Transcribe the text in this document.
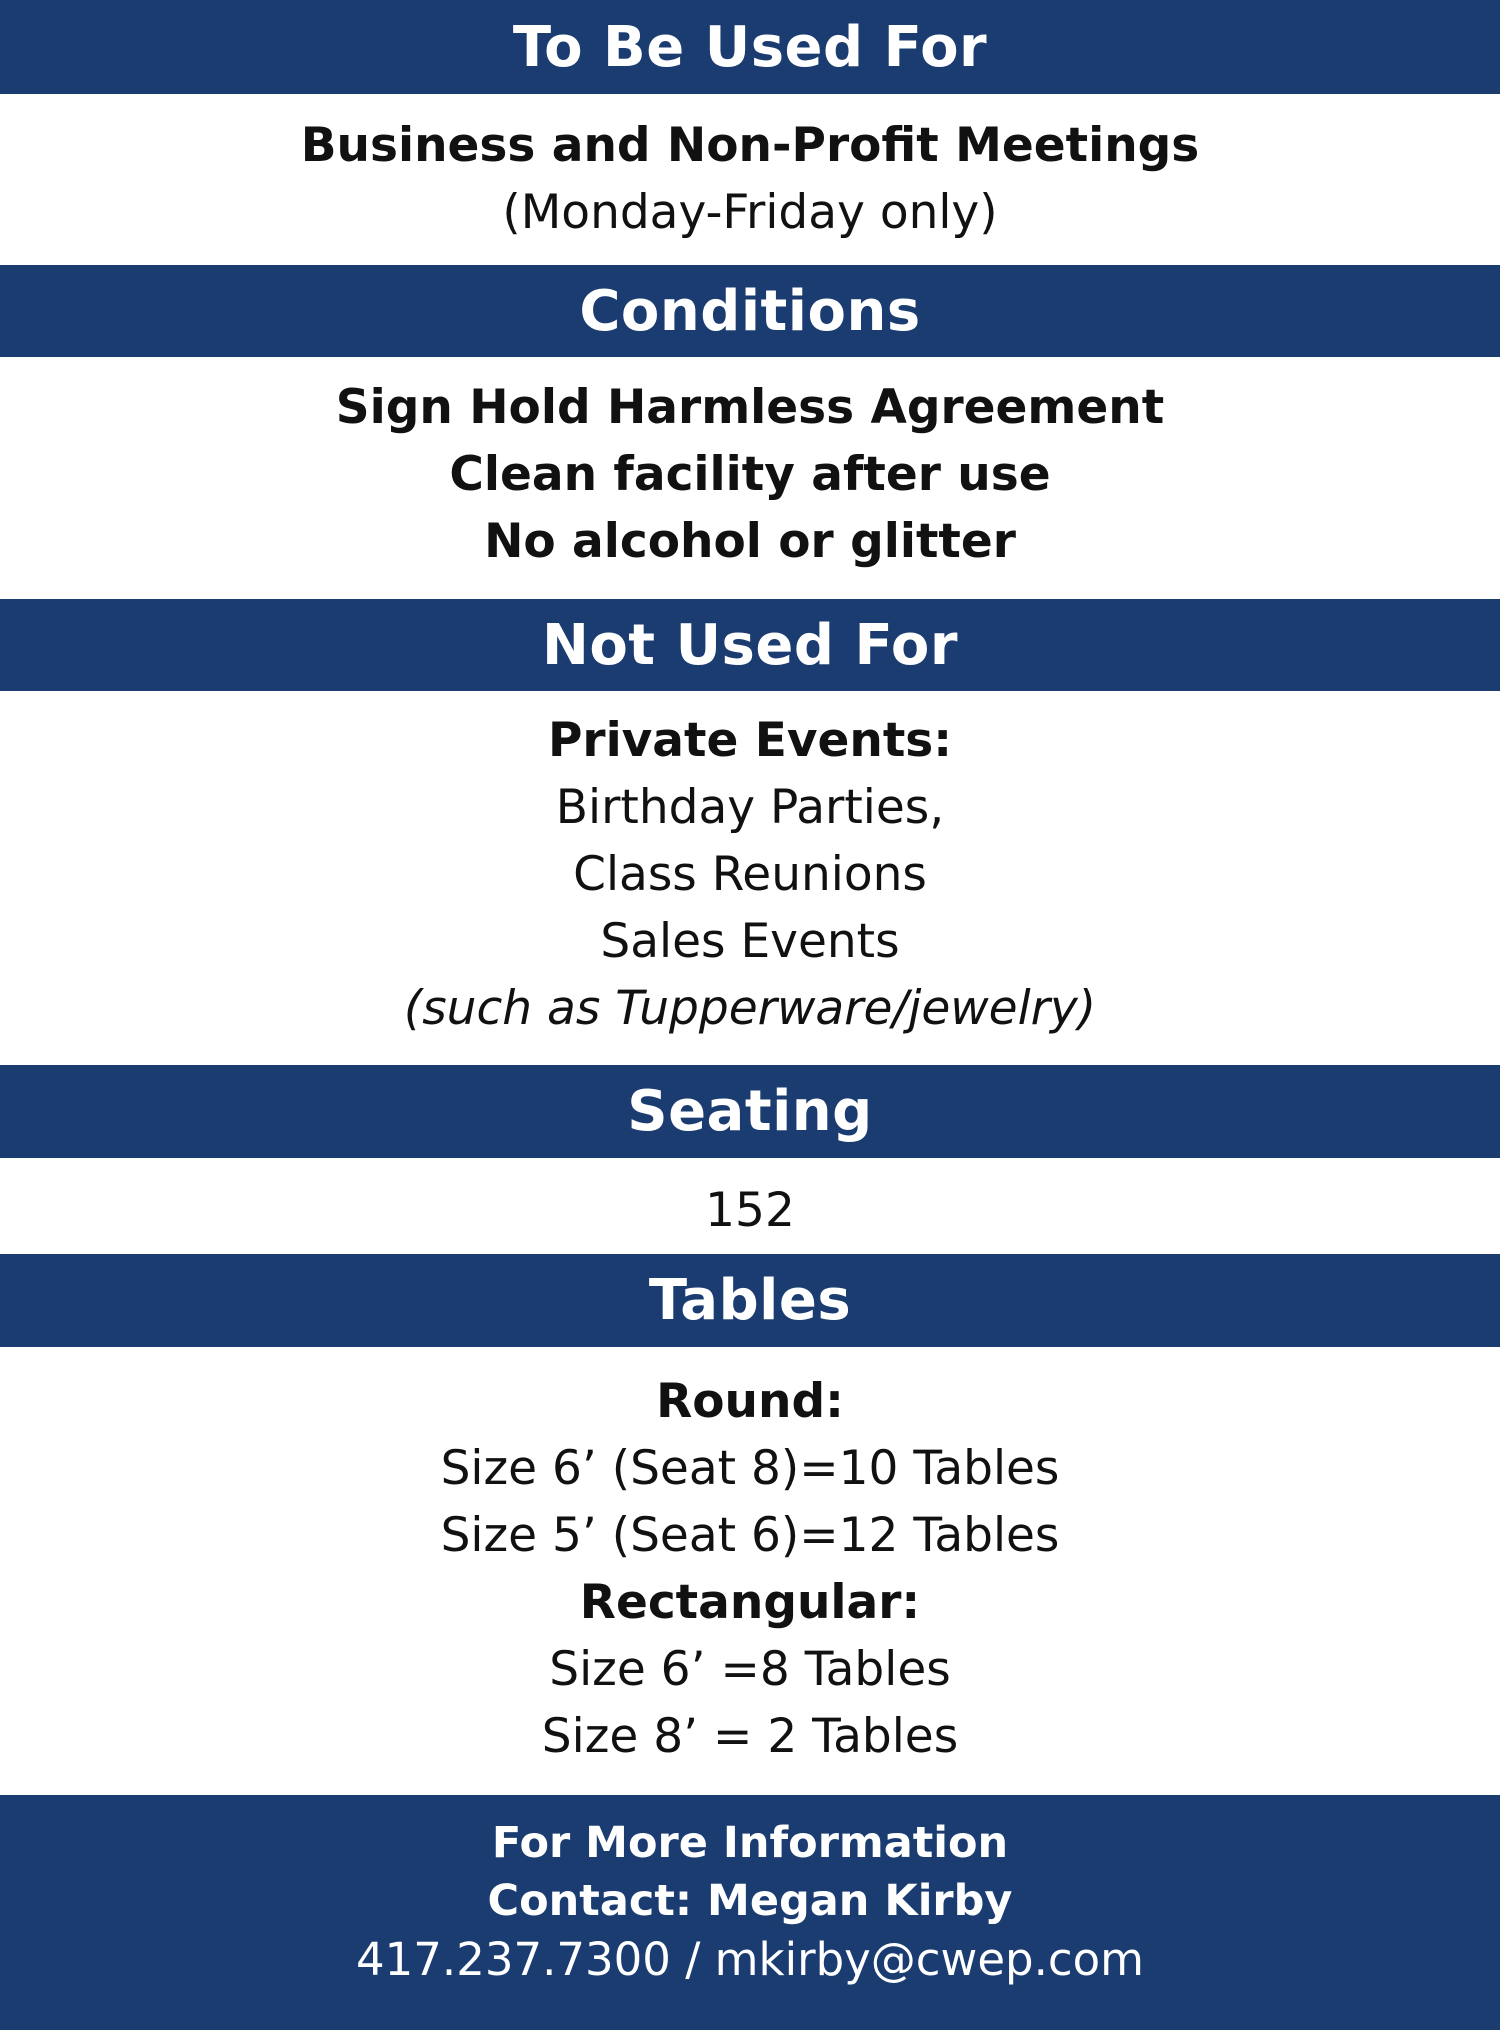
To Be Used For
Business and Non-Profit Meetings
(Monday-Friday only)
Conditions
Sign Hold Harmless Agreement
Clean facility after use
No alcohol or glitter
Not Used For
Private Events:
Birthday Parties,
Class Reunions
Sales Events
(such as Tupperware/jewelry)
Seating
152
Tables
Round:
Size 6’ (Seat 8)=10 Tables
Size 5’ (Seat 6)=12 Tables
Rectangular:
Size 6’ =8 Tables
Size 8’ = 2 Tables
For More Information
Contact: Megan Kirby
417.237.7300 / mkirby@cwep.com
